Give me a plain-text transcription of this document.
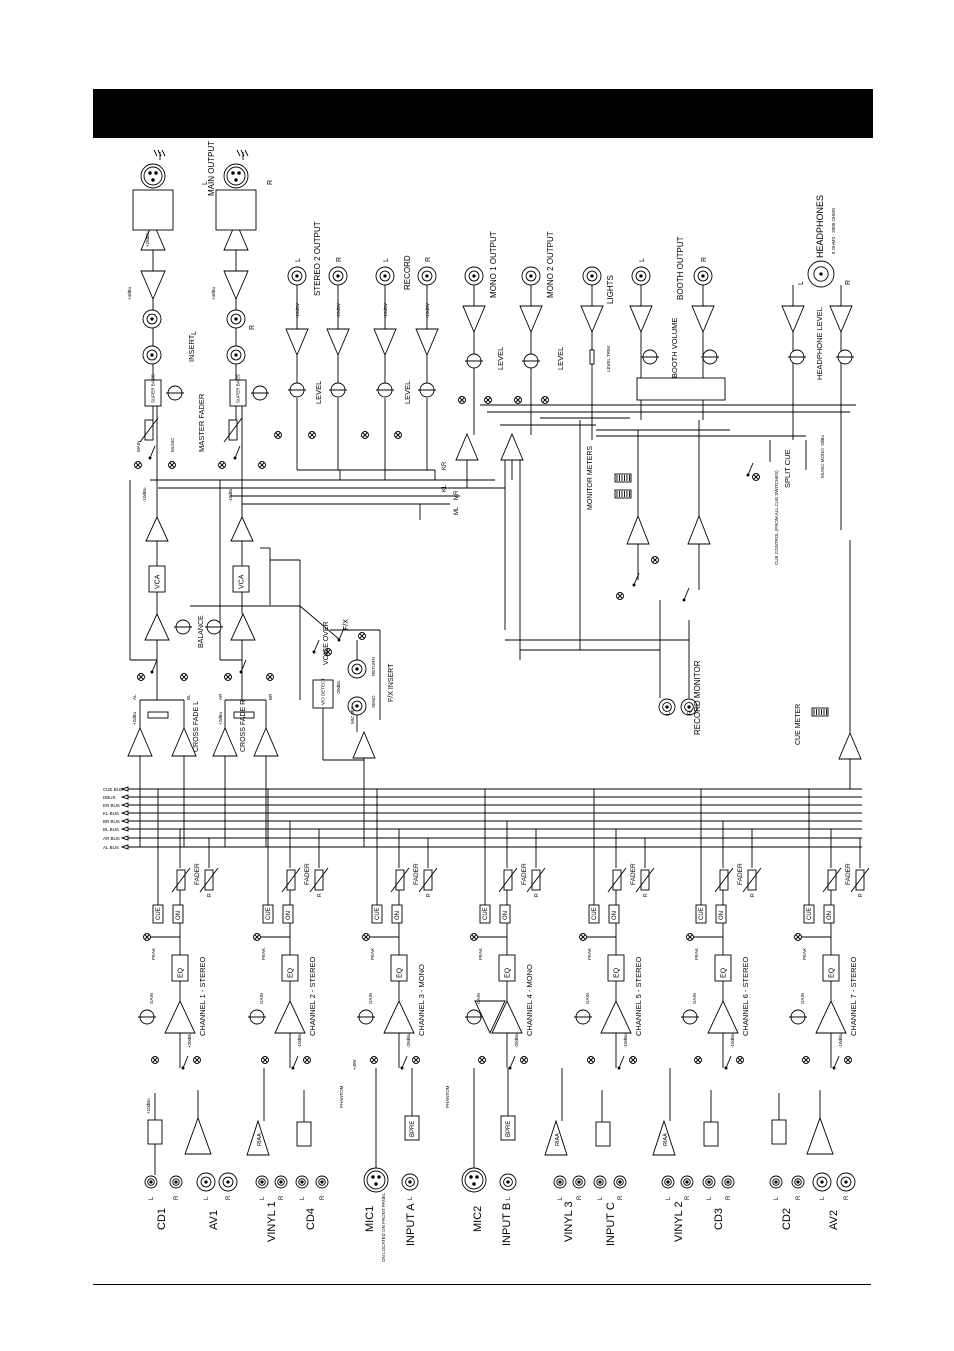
CUE BUS
DBUS
ER BUS
KL BUS
BR BUS
BL BUS
AR BUS
AL BUS
GAIN
+20dBu
CHANNEL 1 - STEREO
EQ
PEAK
CUE ON
FADER
R
GAIN
-10dBu
CHANNEL 2 - STEREO
EQ
PEAK
CUE ON
FADER
R
GAIN
-20dBu
CHANNEL 3 - MONO
EQ
PEAK
CUE ON
FADER
R
GAIN
-20dBu
CHANNEL 4 - MONO
EQ
PEAK
CUE ON
FADER
R
GAIN
-10dBu
CHANNEL 5 - STEREO
EQ
PEAK
CUE ON
FADER
R
GAIN
-10dBu
CHANNEL 6 - STEREO
EQ
PEAK
CUE ON
FADER
R
GAIN
-10dBu
CHANNEL 7 - STEREO
EQ
PEAK
CUE ON
FADER
R
+10dBu
CD1	AV1
RIAA
VINYL 1 CD4
BPRE
MIC1 ON LOCATED ON FRONT PANEL INPUT A
PHANTOM
+48V
BPRE
MIC2 INPUT B
PHANTOM
RIAA
VINYL 3	INPUT C
RIAA
VINYL 2	CD3	CD2	AV2
L	R	L	R	L R	L R	L	L	L R	L R	L R	L R	L	R	L	R
CROSS FADE L	CROSS FADE R
+2dBu	+2dBu
AL	BL	AR	BR
BALANCE
VCA	VCA
-10dBu	-10dBu
V/O DETECT
VOICE OVER F/X
F/X INSERT
SEND
RETURN
MIC MIX
-20dBu
SUPER BASS	SUPER BASS
MASTER FADER
MAIN	MUSIC
INSERT
L
R
MAIN OUTPUT
L	R
+4dBu
+28dBu
+4dBu
ML
MR
KL
KR
STEREO 2 OUTPUT	RECORD	MONO 1 OUTPUT	MONO 2 OUTPUT	LIGHTS	BOOTH OUTPUT
LEVEL	LEVEL
LEVEL	LEVEL	BOOTH VOLUME
LEVEL TRIM
L	R	L	R	L	R
-10dBV	-10dBV	-10dBV	-10dBV
HEADPHONES 8 OHMS - 2000 OHMS
HEADPHONE LEVEL
L	R
MONITOR METERS	SPLIT CUE	MUSIC MONO -2dBu
CUE CONTROL (FROM ALL CUE SWITCHES)
RECORD MONITOR
L	R	CUE METER
